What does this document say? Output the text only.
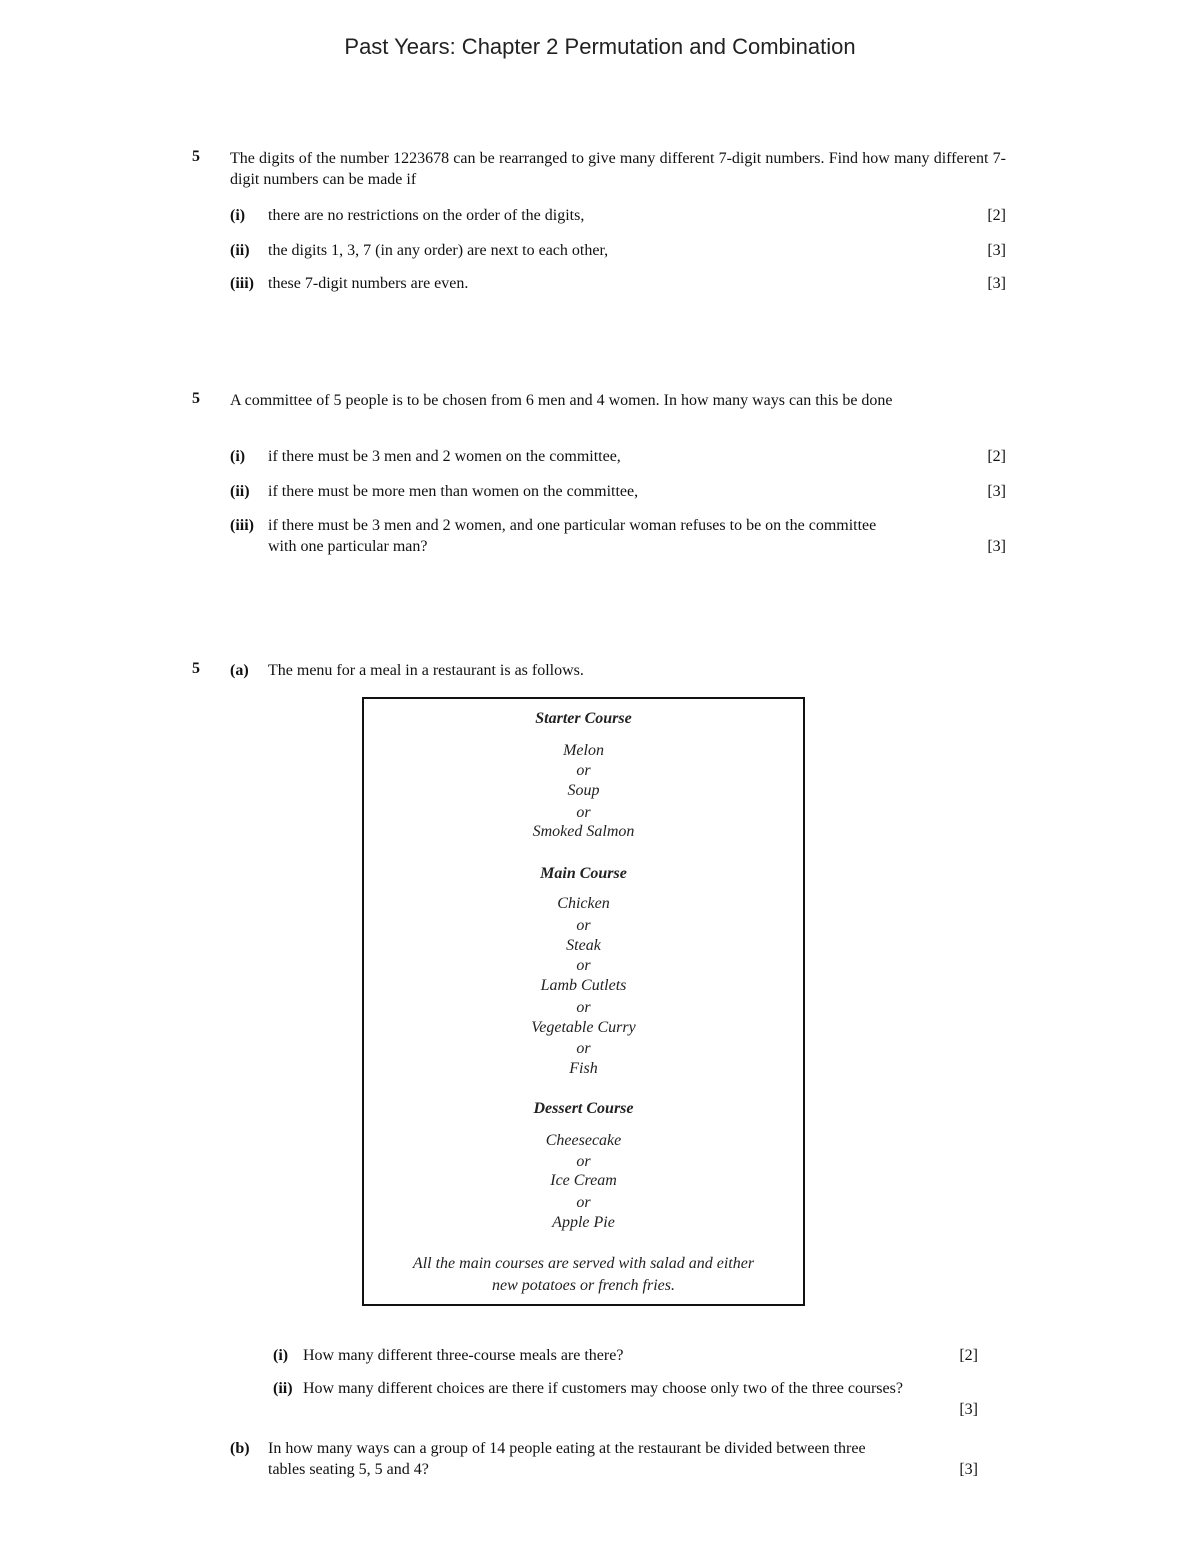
Past Years: Chapter 2 Permutation and Combination
5 The digits of the number 1223678 can be rearranged to give many different 7-digit numbers. Find how many different 7-digit numbers can be made if
(i) there are no restrictions on the order of the digits,	[2]
(ii) the digits 1, 3, 7 (in any order) are next to each other,	[3]
(iii) these 7-digit numbers are even.	[3]
5 A committee of 5 people is to be chosen from 6 men and 4 women. In how many ways can this be done
(i) if there must be 3 men and 2 women on the committee,	[2]
(ii) if there must be more men than women on the committee,	[3]
(iii) if there must be 3 men and 2 women, and one particular woman refuses to be on the committee
with one particular man?	[3]
5 (a) The menu for a meal in a restaurant is as follows.
Starter Course
Melon
or
Soup
or
Smoked Salmon
Main Course
Chicken
or
Steak
or
Lamb Cutlets
or
Vegetable Curry
or
Fish
Dessert Course
Cheesecake
or
Ice Cream
or
Apple Pie
All the main courses are served with salad and either
new potatoes or french fries.
(i) How many different three-course meals are there?	[2]
(ii) How many different choices are there if customers may choose only two of the three courses?
[3]
(b) In how many ways can a group of 14 people eating at the restaurant be divided between three
tables seating 5, 5 and 4?	[3]
